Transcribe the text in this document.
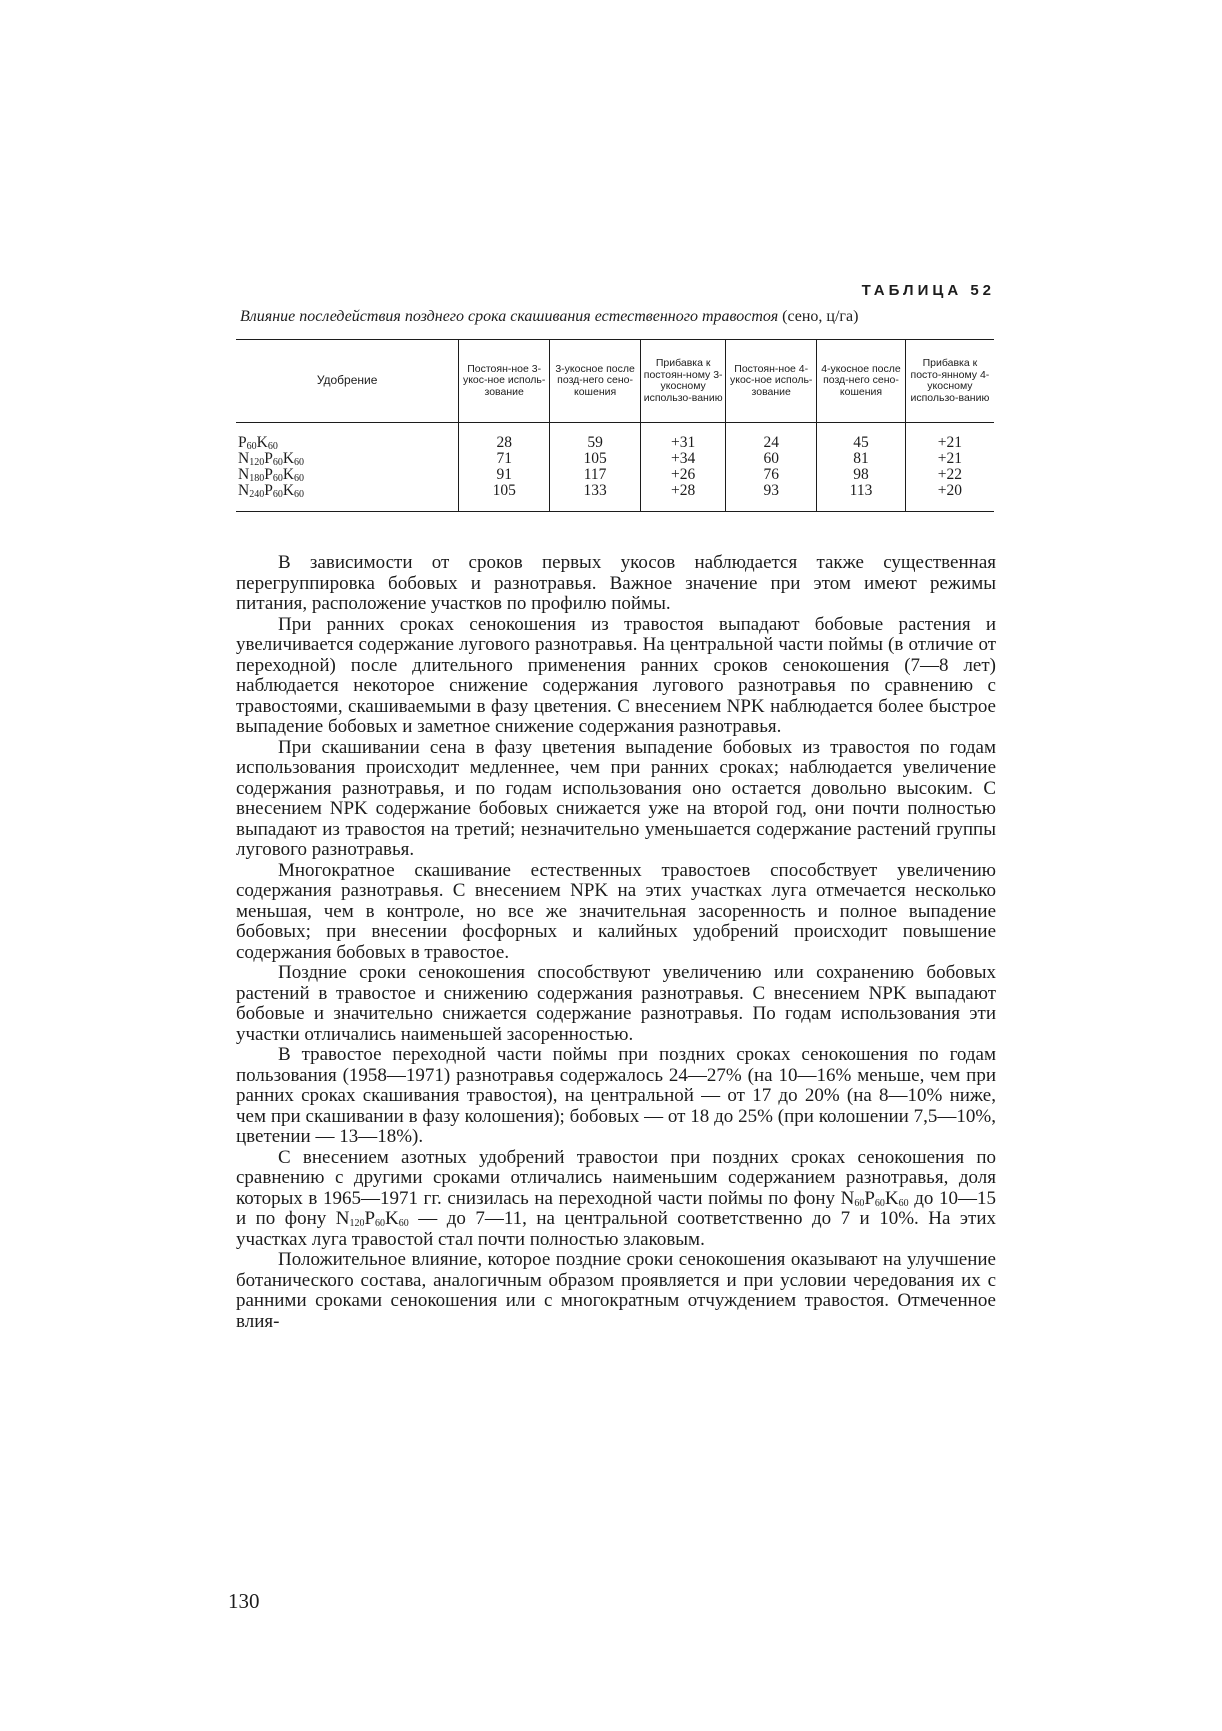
ТАБЛИЦА 52
Влияние последействия позднего срока скашивания естественного травостоя (сено, ц/га)
Удобрение	Постоян-ное 3-укос-ное исполь-зование	3-укосное после позд-него сено-кошения	Прибавка к постоян-ному 3-укосному использо-ванию	Постоян-ное 4-укос-ное исполь-зование	4-укосное после позд-него сено-кошения	Прибавка к посто-янному 4-укосному использо-ванию
$P_{60}K_{60}$	28	59	+31	24	45	+21
$N_{120}P_{60}K_{60}$	71	105	+34	60	81	+21
$N_{180}P_{60}K_{60}$	91	117	+26	76	98	+22
$N_{240}P_{60}K_{60}$	105	133	+28	93	113	+20

В зависимости от сроков первых укосов наблюдается также существенная перегруппировка бобовых и разнотравья. Важное значение при этом имеют режимы питания, расположение участков по профилю поймы.

При ранних сроках сенокошения из травостоя выпадают бобовые растения и увеличивается содержание лугового разнотравья. На центральной части поймы (в отличие от переходной) после длительного применения ранних сроков сенокошения (7—8 лет) наблюдается некоторое снижение содержания лугового разнотравья по сравнению с травостоями, скашиваемыми в фазу цветения. С внесением NPK наблюдается более быстрое выпадение бобовых и заметное снижение содержания разнотравья.

При скашивании сена в фазу цветения выпадение бобовых из травостоя по годам использования происходит медленнее, чем при ранних сроках; наблюдается увеличение содержания разнотравья, и по годам использования оно остается довольно высоким. С внесением NPK содержание бобовых снижается уже на второй год, они почти полностью выпадают из травостоя на третий; незначительно уменьшается содержание растений группы лугового разнотравья.

Многократное скашивание естественных травостоев способствует увеличению содержания разнотравья. С внесением NPK на этих участках луга отмечается несколько меньшая, чем в контроле, но все же значительная засоренность и полное выпадение бобовых; при внесении фосфорных и калийных удобрений происходит повышение содержания бобовых в травостое.

Поздние сроки сенокошения способствуют увеличению или сохранению бобовых растений в травостое и снижению содержания разнотравья. С внесением NPK выпадают бобовые и значительно снижается содержание разнотравья. По годам использования эти участки отличались наименьшей засоренностью.

В травостое переходной части поймы при поздних сроках сенокошения по годам пользования (1958—1971) разнотравья содержалось 24—27% (на 10—16% меньше, чем при ранних сроках скашивания травостоя), на центральной — от 17 до 20% (на 8—10% ниже, чем при скашивании в фазу колошения); бобовых — от 18 до 25% (при колошении 7,5—10%, цветении — 13—18%).

С внесением азотных удобрений травостои при поздних сроках сенокошения по сравнению с другими сроками отличались наименьшим содержанием разнотравья, доля которых в 1965—1971 гг. снизилась на переходной части поймы по фону $N_{60}P_{60}K_{60}$ до 10—15 и по фону $N_{120}P_{60}K_{60}$ — до 7—11, на центральной соответственно до 7 и 10%. На этих участках луга травостой стал почти полностью злаковым.

Положительное влияние, которое поздние сроки сенокошения оказывают на улучшение ботанического состава, аналогичным образом проявляется и при условии чередования их с ранними сроками сенокошения или с многократным отчуждением травостоя. Отмеченное влия-

130
